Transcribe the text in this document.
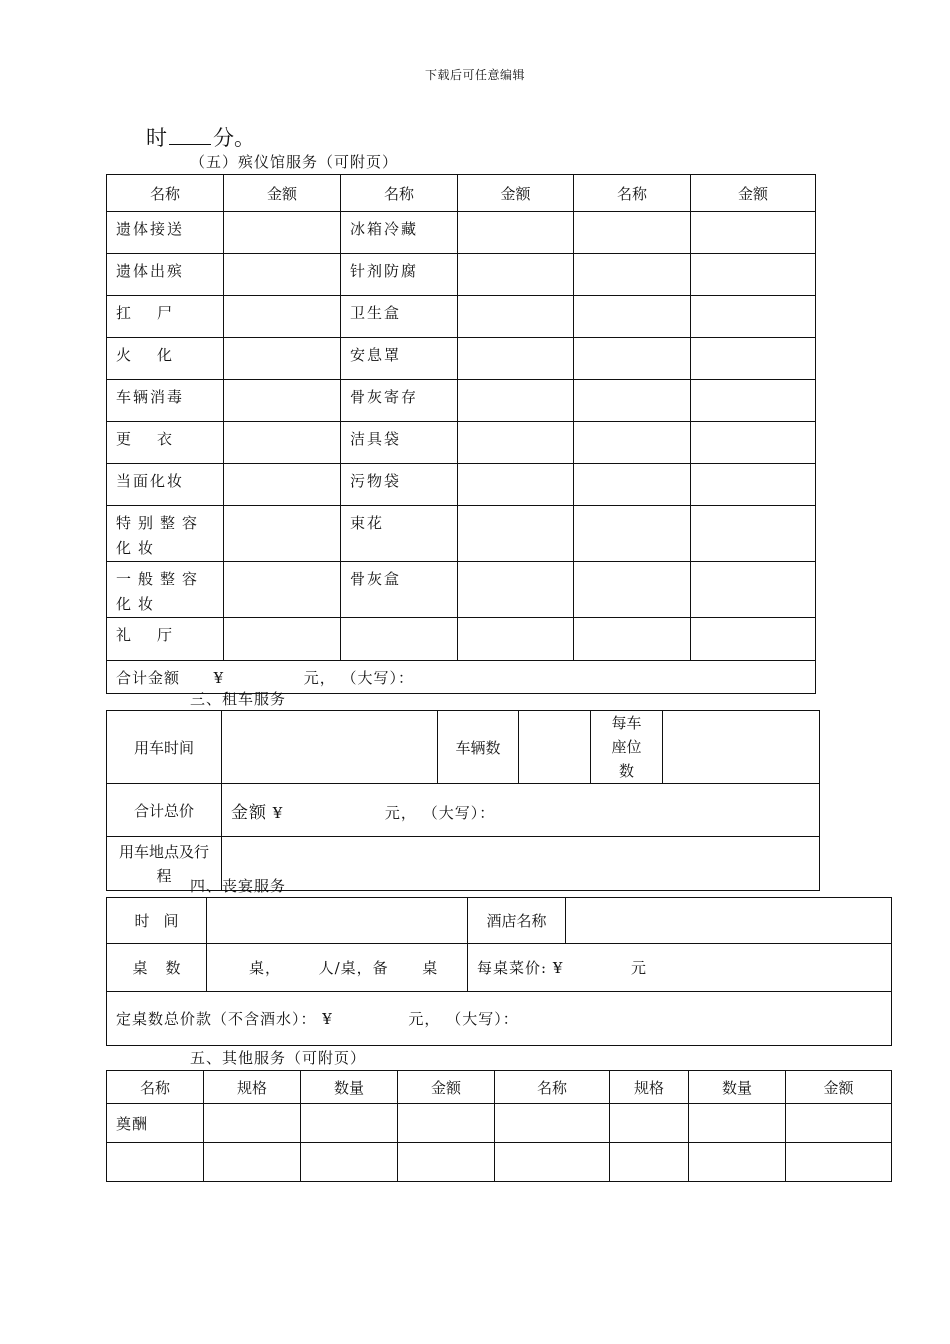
下载后可任意编辑
时 分。
（五）殡仪馆服务（可附页）
名称	金额	名称	金额	名称	金额
遗体接送		冰箱冷藏			
遗体出殡		针剂防腐			

扛 尸		卫生盒			

火 化		安息罩			
车辆消毒		骨灰寄存			

更 衣		洁具袋			
当面化妆		污物袋			
特别整容化妆		束花			
一般整容化妆		骨灰盒			

礼 厅					

合计金额 ¥ 元， （大写）：					
三、租车服务
用车时间		车辆数		每车座位数	
合计总价	金额 ¥ 元， （大写）：				
用车地点及行程					
四、丧宴服务
时 间		酒店名称	

桌 数	桌， 人/桌，备 桌	每桌菜价: ¥ 元	
定桌数总价款（不含酒水）： ¥ 元， （大写）：			
五、其他服务（可附页）
名称	规格	数量	金额	名称	规格	数量	金额
奠酬							
